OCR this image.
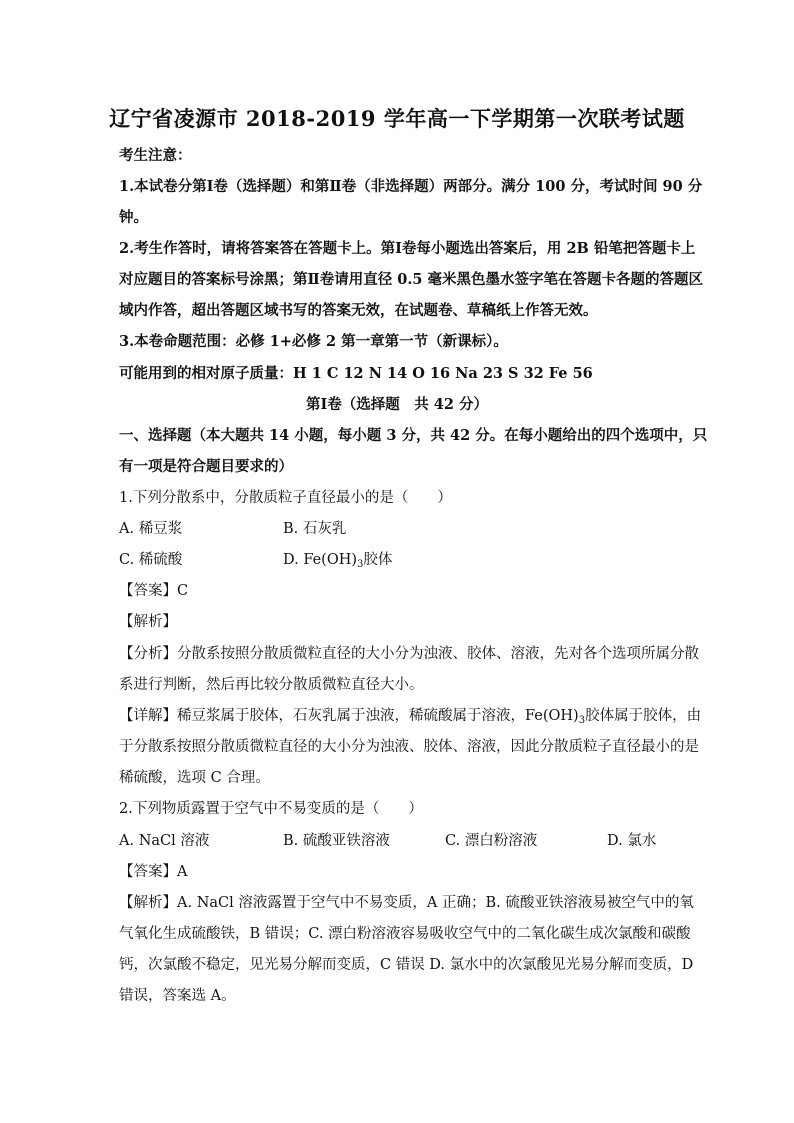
辽宁省凌源市 2018-2019 学年高一下学期第一次联考试题
考生注意：
1.本试卷分第Ⅰ卷（选择题）和第Ⅱ卷（非选择题）两部分。满分 100 分，考试时间 90 分
钟。
2.考生作答时，请将答案答在答题卡上。第Ⅰ卷每小题选出答案后，用 2B 铅笔把答题卡上
对应题目的答案标号涂黑；第Ⅱ卷请用直径 0.5 毫米黑色墨水签字笔在答题卡各题的答题区
域内作答，超出答题区域书写的答案无效，在试题卷、草稿纸上作答无效。
3.本卷命题范围：必修 1+必修 2 第一章第一节（新课标）。
可能用到的相对原子质量：H 1 C 12 N 14 O 16 Na 23 S 32 Fe 56
第Ⅰ卷（选择题　共 42 分）
一、选择题（本大题共 14 小题，每小题 3 分，共 42 分。在每小题给出的四个选项中，只
有一项是符合题目要求的）
1.下列分散系中，分散质粒子直径最小的是（　　）
A. 稀豆浆	B. 石灰乳
C. 稀硫酸	D. $Fe(OH)_3$胶体
【答案】C
【解析】
【分析】分散系按照分散质微粒直径的大小分为浊液、胶体、溶液，先对各个选项所属分散
系进行判断，然后再比较分散质微粒直径大小。
【详解】稀豆浆属于胶体，石灰乳属于浊液，稀硫酸属于溶液，$Fe(OH)_3$胶体属于胶体，由
于分散系按照分散质微粒直径的大小分为浊液、胶体、溶液，因此分散质粒子直径最小的是
稀硫酸，选项 C 合理。
2.下列物质露置于空气中不易变质的是（　　）
A. NaCl 溶液	B. 硫酸亚铁溶液	C. 漂白粉溶液	D. 氯水
【答案】A
【解析】A. NaCl 溶液露置于空气中不易变质，A 正确；B. 硫酸亚铁溶液易被空气中的氧
气氧化生成硫酸铁，B 错误；C. 漂白粉溶液容易吸收空气中的二氧化碳生成次氯酸和碳酸
钙，次氯酸不稳定，见光易分解而变质，C 错误 D. 氯水中的次氯酸见光易分解而变质，D
错误，答案选 A。
